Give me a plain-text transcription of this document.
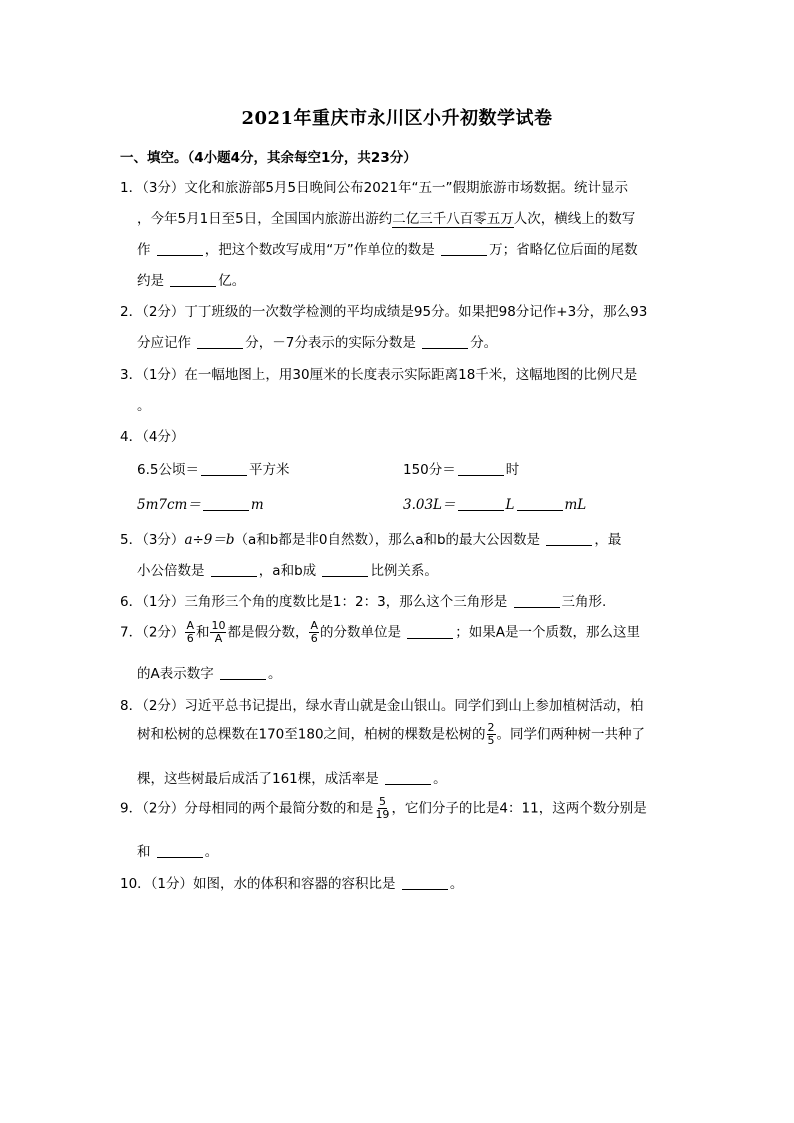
2021年重庆市永川区小升初数学试卷
一、填空。（4小题4分，其余每空1分，共23分）
1．（3分）文化和旅游部5月5日晚间公布2021年“五一”假期旅游市场数据。统计显示
，今年5月1日至5日，全国国内旅游出游约二亿三千八百零五万人次，横线上的数写
作	，把这个数改写成用“万”作单位的数是	万；省略亿位后面的尾数
约是	亿。
2．（2分）丁丁班级的一次数学检测的平均成绩是95分。如果把98分记作+3分，那么93
分应记作	分，－7分表示的实际分数是	分。
3．（1分）在一幅地图上，用30厘米的长度表示实际距离18千米，这幅地图的比例尺是
。
4．（4分）
6.5公顷＝	平方米	150分＝	时
5m7cm＝	m	3.03L＝	L	mL
5．（3分）a÷9＝b（a和b都是非0自然数），那么a和b的最大公因数是	，最
小公倍数是	，a和b成	比例关系。
6．（1分）三角形三个角的度数比是1：2：3，那么这个三角形是	三角形.
7．（2分） $\frac{A}{6}$ 和 $\frac{10}{A}$ 都是假分数， $\frac{A}{6}$ 的分数单位是	；如果A是一个质数，那么这里
的A表示数字	。
8．（2分）习近平总书记提出，绿水青山就是金山银山。同学们到山上参加植树活动，柏
树和松树的总棵数在170至180之间，柏树的棵数是松树的 $\frac{2}{5}$ 。同学们两种树一共种了
棵，这些树最后成活了161棵，成活率是	。
9．（2分）分母相同的两个最简分数的和是 $\frac{5}{19}$ ，它们分子的比是4：11，这两个数分别是
和	。
10．（1分）如图，水的体积和容器的容积比是	。
